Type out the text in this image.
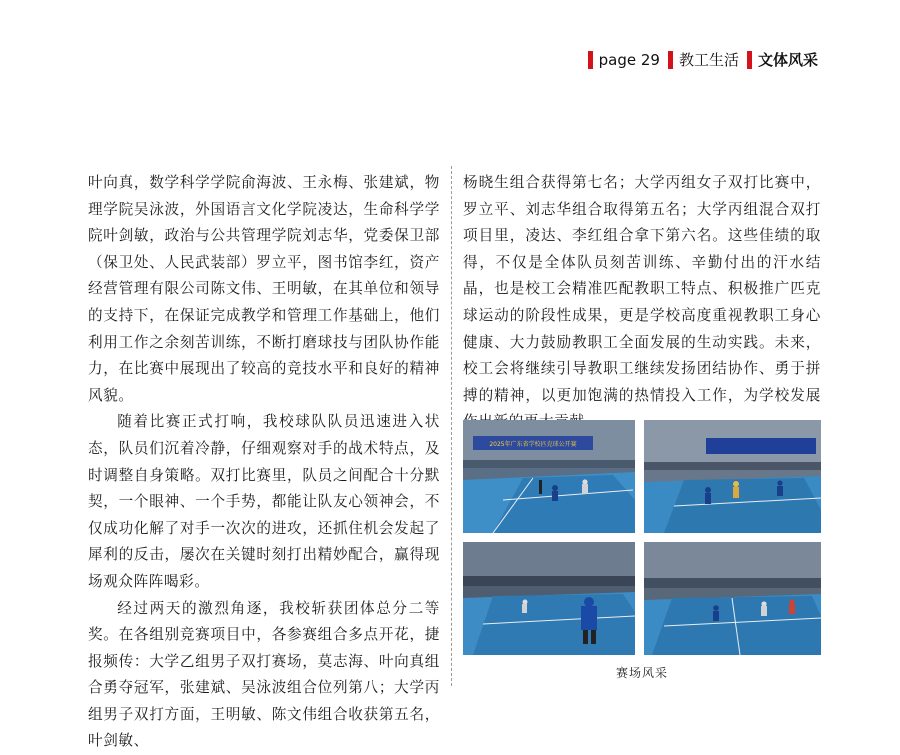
page 29 教工生活 文体风采

叶向真，数学科学学院俞海波、王永梅、张建斌，物理学院吴泳波，外国语言文化学院凌达，生命科学学院叶剑敏，政治与公共管理学院刘志华，党委保卫部（保卫处、人民武装部）罗立平，图书馆李红，资产经营管理有限公司陈文伟、王明敏，在其单位和领导的支持下，在保证完成教学和管理工作基础上，他们利用工作之余刻苦训练，不断打磨球技与团队协作能力，在比赛中展现出了较高的竞技水平和良好的精神风貌。

随着比赛正式打响，我校球队队员迅速进入状态，队员们沉着冷静，仔细观察对手的战术特点，及时调整自身策略。双打比赛里，队员之间配合十分默契，一个眼神、一个手势，都能让队友心领神会，不仅成功化解了对手一次次的进攻，还抓住机会发起了犀利的反击，屡次在关键时刻打出精妙配合，赢得现场观众阵阵喝彩。

经过两天的激烈角逐，我校斩获团体总分二等奖。在各组别竞赛项目中，各参赛组合多点开花，捷报频传：大学乙组男子双打赛场，莫志海、叶向真组合勇夺冠军，张建斌、吴泳波组合位列第八；大学丙组男子双打方面，王明敏、陈文伟组合收获第五名，叶剑敏、

杨晓生组合获得第七名；大学丙组女子双打比赛中，罗立平、刘志华组合取得第五名；大学丙组混合双打项目里，凌达、李红组合拿下第六名。这些佳绩的取得，不仅是全体队员刻苦训练、辛勤付出的汗水结晶，也是校工会精准匹配教职工特点、积极推广匹克球运动的阶段性成果，更是学校高度重视教职工身心健康、大力鼓励教职工全面发展的生动实践。未来，校工会将继续引导教职工继续发扬团结协作、勇于拼搏的精神，以更加饱满的热情投入工作，为学校发展

2025年广东省学校匹克球公开赛
赛场风采
